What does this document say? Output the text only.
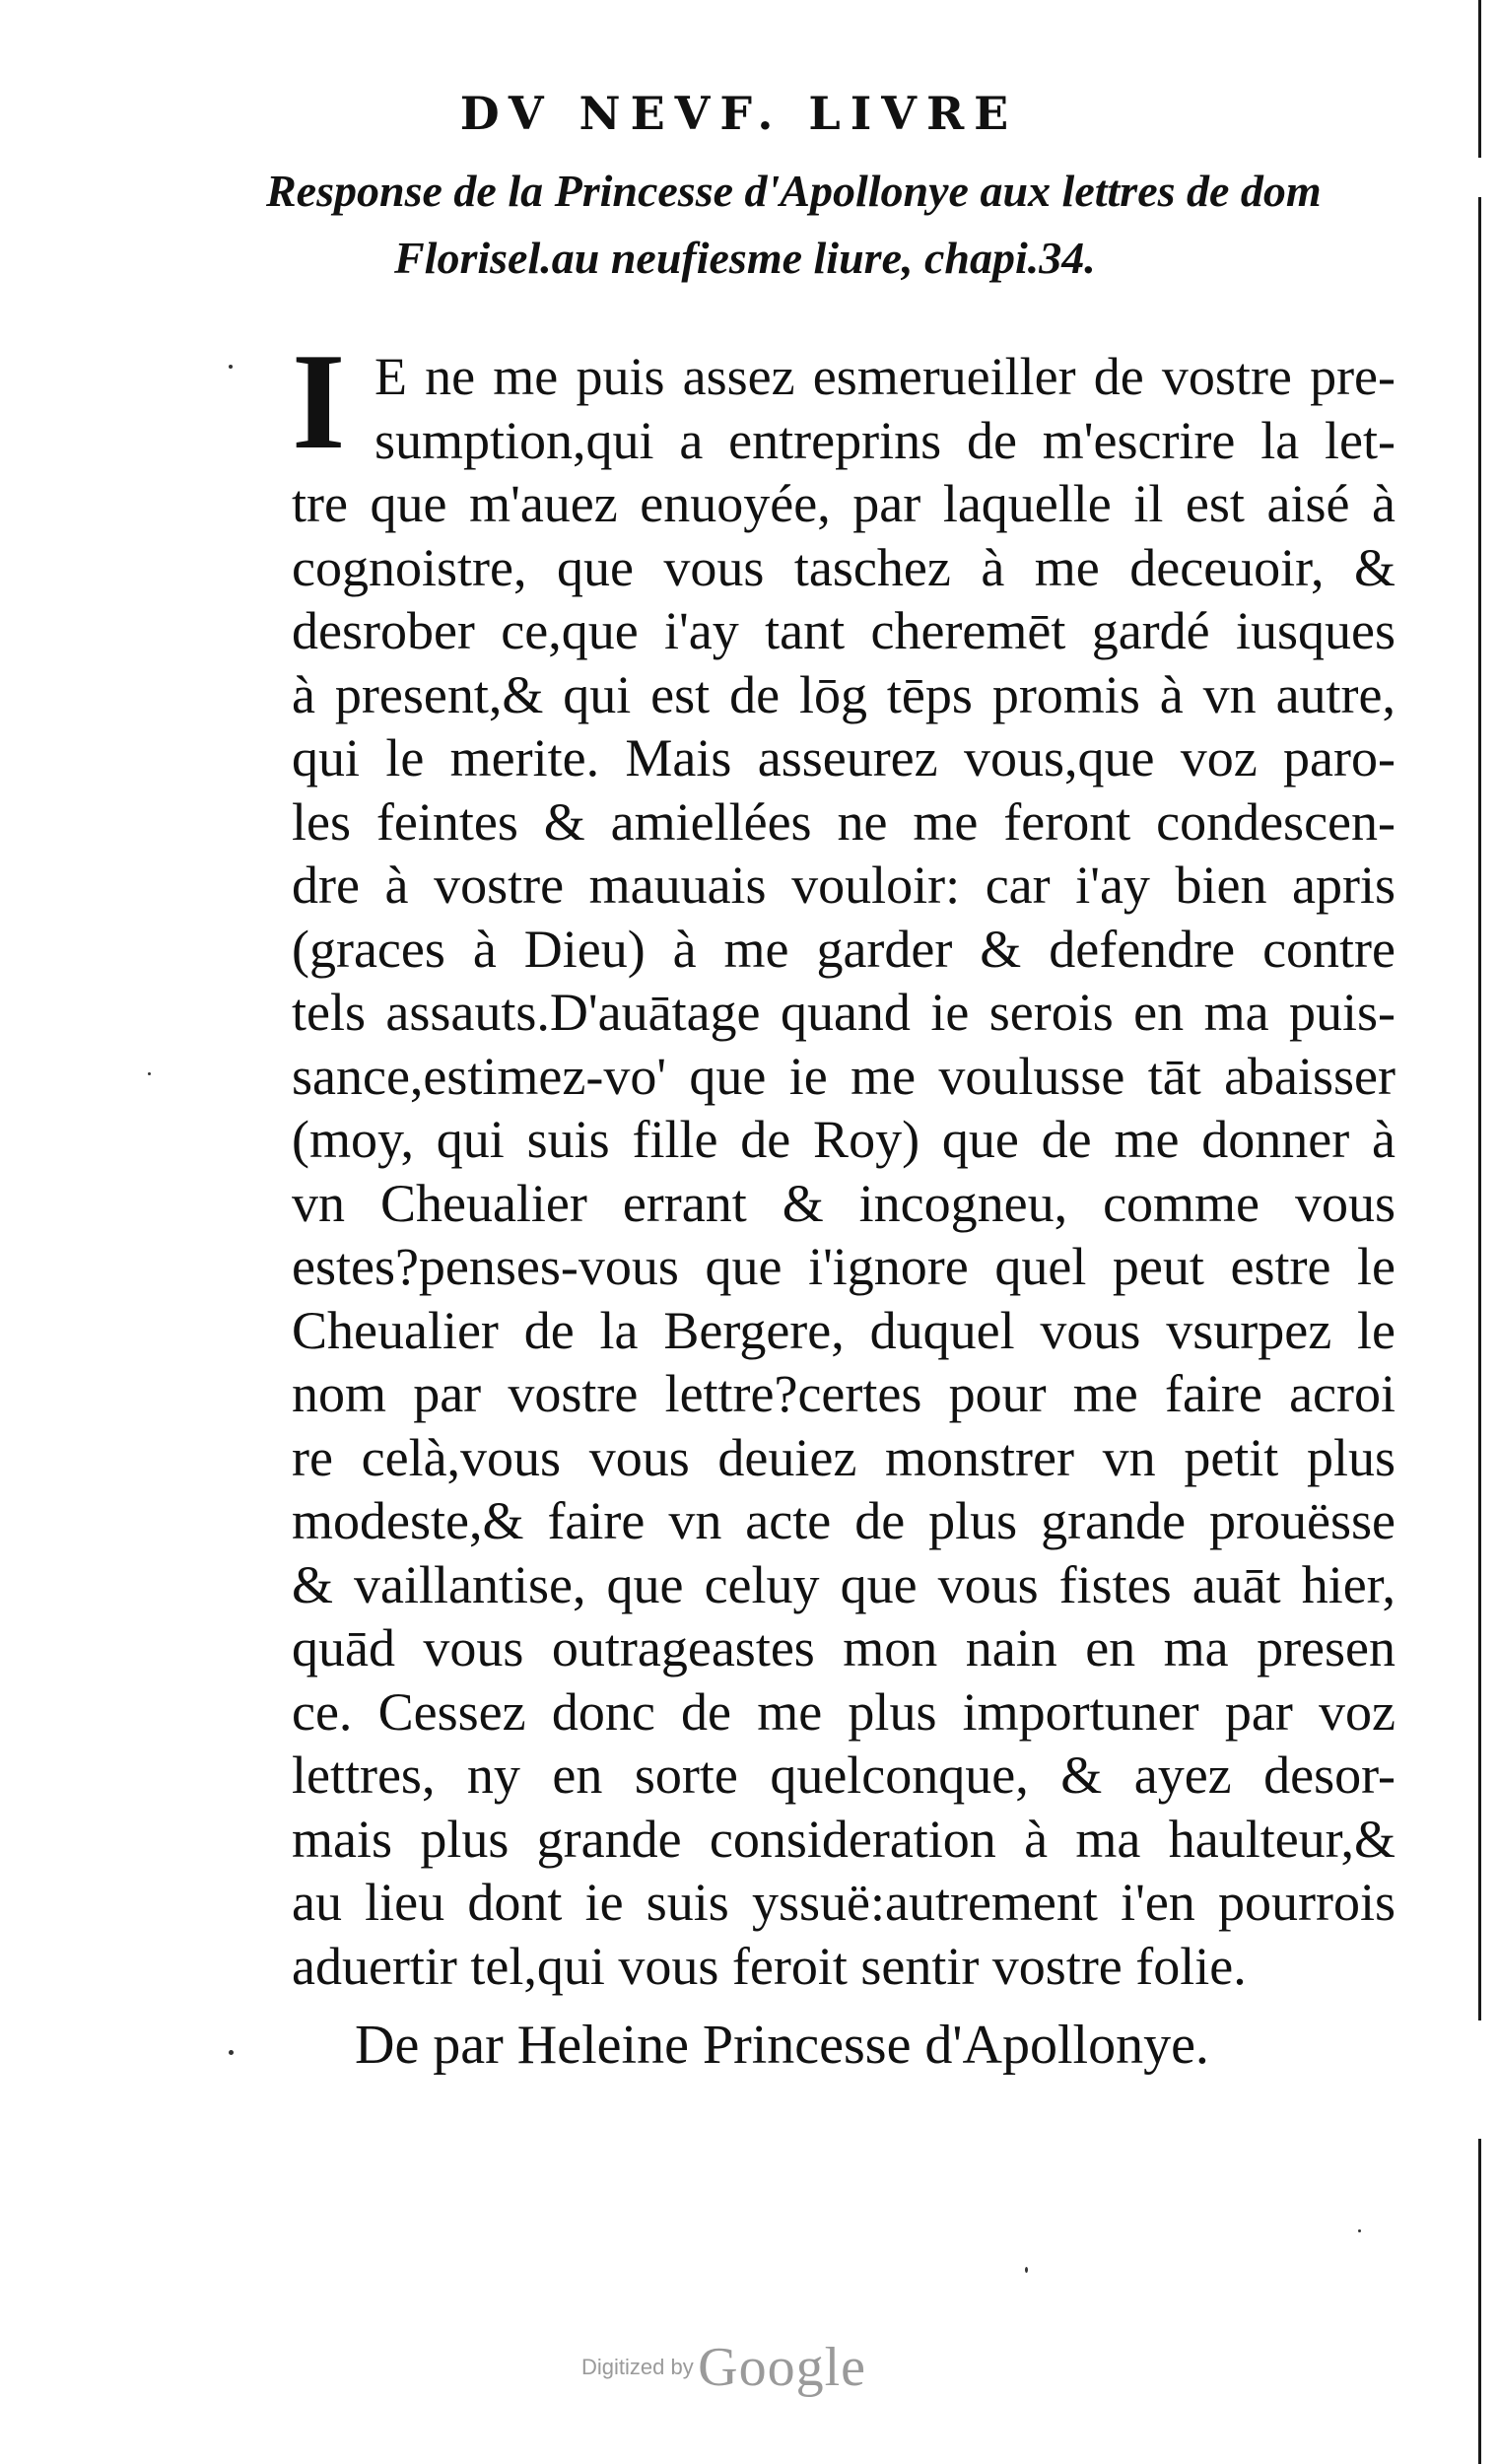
DV NEVF. LIVRE
Response de la Princesse d'Apollonye aux lettres de dom
Florisel.au neufiesme liure, chapi.34.
I E ne me puis assez esmerueiller de vostre pre-
sumption,qui a entreprins de m'escrire la let-
tre que m'auez enuoyée, par laquelle il est aisé à
cognoistre, que vous taschez à me deceuoir, &
desrober ce,que i'ay tant cheremēt gardé iusques
à present,& qui est de lōg tēps promis à vn autre,
qui le merite. Mais asseurez vous,que voz paro-
les feintes & amiellées ne me feront condescen-
dre à vostre mauuais vouloir: car i'ay bien apris
(graces à Dieu) à me garder & defendre contre
tels assauts.D'auātage quand ie serois en ma puis-
sance,estimez-vo' que ie me voulusse tāt abaisser
(moy, qui suis fille de Roy) que de me donner à
vn Cheualier errant & incogneu, comme vous
estes?penses-vous que i'ignore quel peut estre le
Cheualier de la Bergere, duquel vous vsurpez le
nom par vostre lettre?certes pour me faire acroi
re celà,vous vous deuiez monstrer vn petit plus
modeste,& faire vn acte de plus grande prouësse
& vaillantise, que celuy que vous fistes auāt hier,
quād vous outrageastes mon nain en ma presen
ce. Cessez donc de me plus importuner par voz
lettres, ny en sorte quelconque, & ayez desor-
mais plus grande consideration à ma haulteur,&
au lieu dont ie suis yssuë:autrement i'en pourrois
aduertir tel,qui vous feroit sentir vostre folie.
De par Heleine Princesse d'Apollonye.
Digitized by Google
